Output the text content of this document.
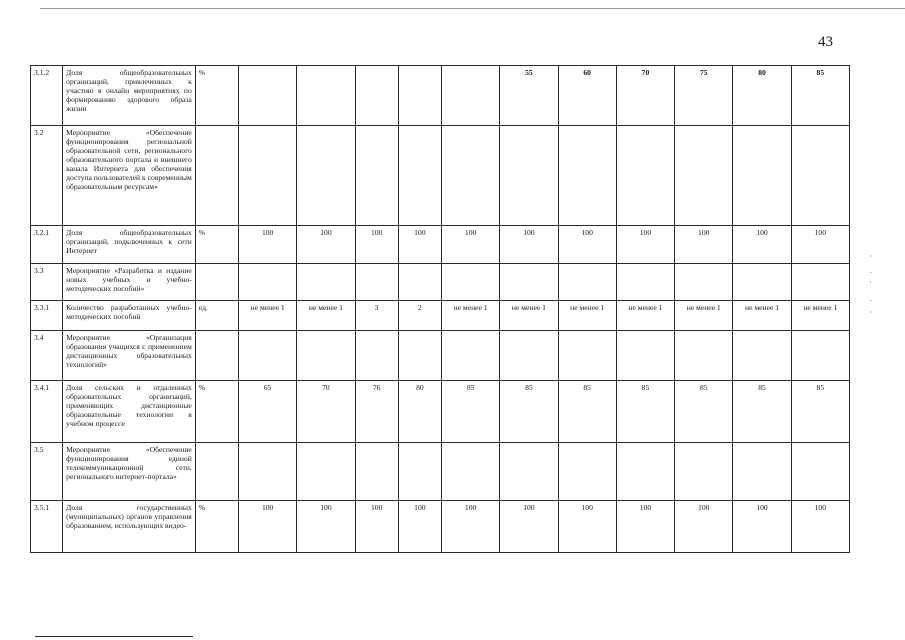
43
3.1.2	Доля общеобразовательных организаций, привлеченных к участию в онлайн мероприятиях по формированию здорового образа жизни	%						55	60	70	75	80	85
3.2	Мероприятие «Обеспечение функционирования региональной образовательной сети, регионального образовательного портала и внешнего канала Интернета для обеспечения доступа пользователей к современным образовательным ресурсам»												
3.2.1	Доля общеобразовательных организаций, подключенных к сети Интернет	%	100	100	100	100	100	100	100	100	100	100	100
3.3	Мероприятие «Разработка и издание новых учебных и учебно-методических пособий»												
3.3.1	Количество разработанных учебно-методических пособий	ед.	не менее 1	не менее 1	3	2	не менее 1	не менее 1	не менее 1	не менее 1	не менее 1	не менее 1	не менее 1
3.4	Мероприятие «Организация образования учащихся с применением дистанционных образовательных технологий»												
3.4.1	Доля сельских и отдаленных образовательных организаций, применяющих дистанционные образовательные технологии в учебном процессе	%	65	70	76	80	85	85	85	85	85	85	85
3.5	Мероприятие «Обеспечение функционирования единой телекоммуникационной сети, регионального интернет-портала»												
3.5.1	Доля государственных (муниципальных) органов управления образованием, использующих видео-	%	100	100	100	100	100	100	100	100	100	100	100
·
.
'
.
·
